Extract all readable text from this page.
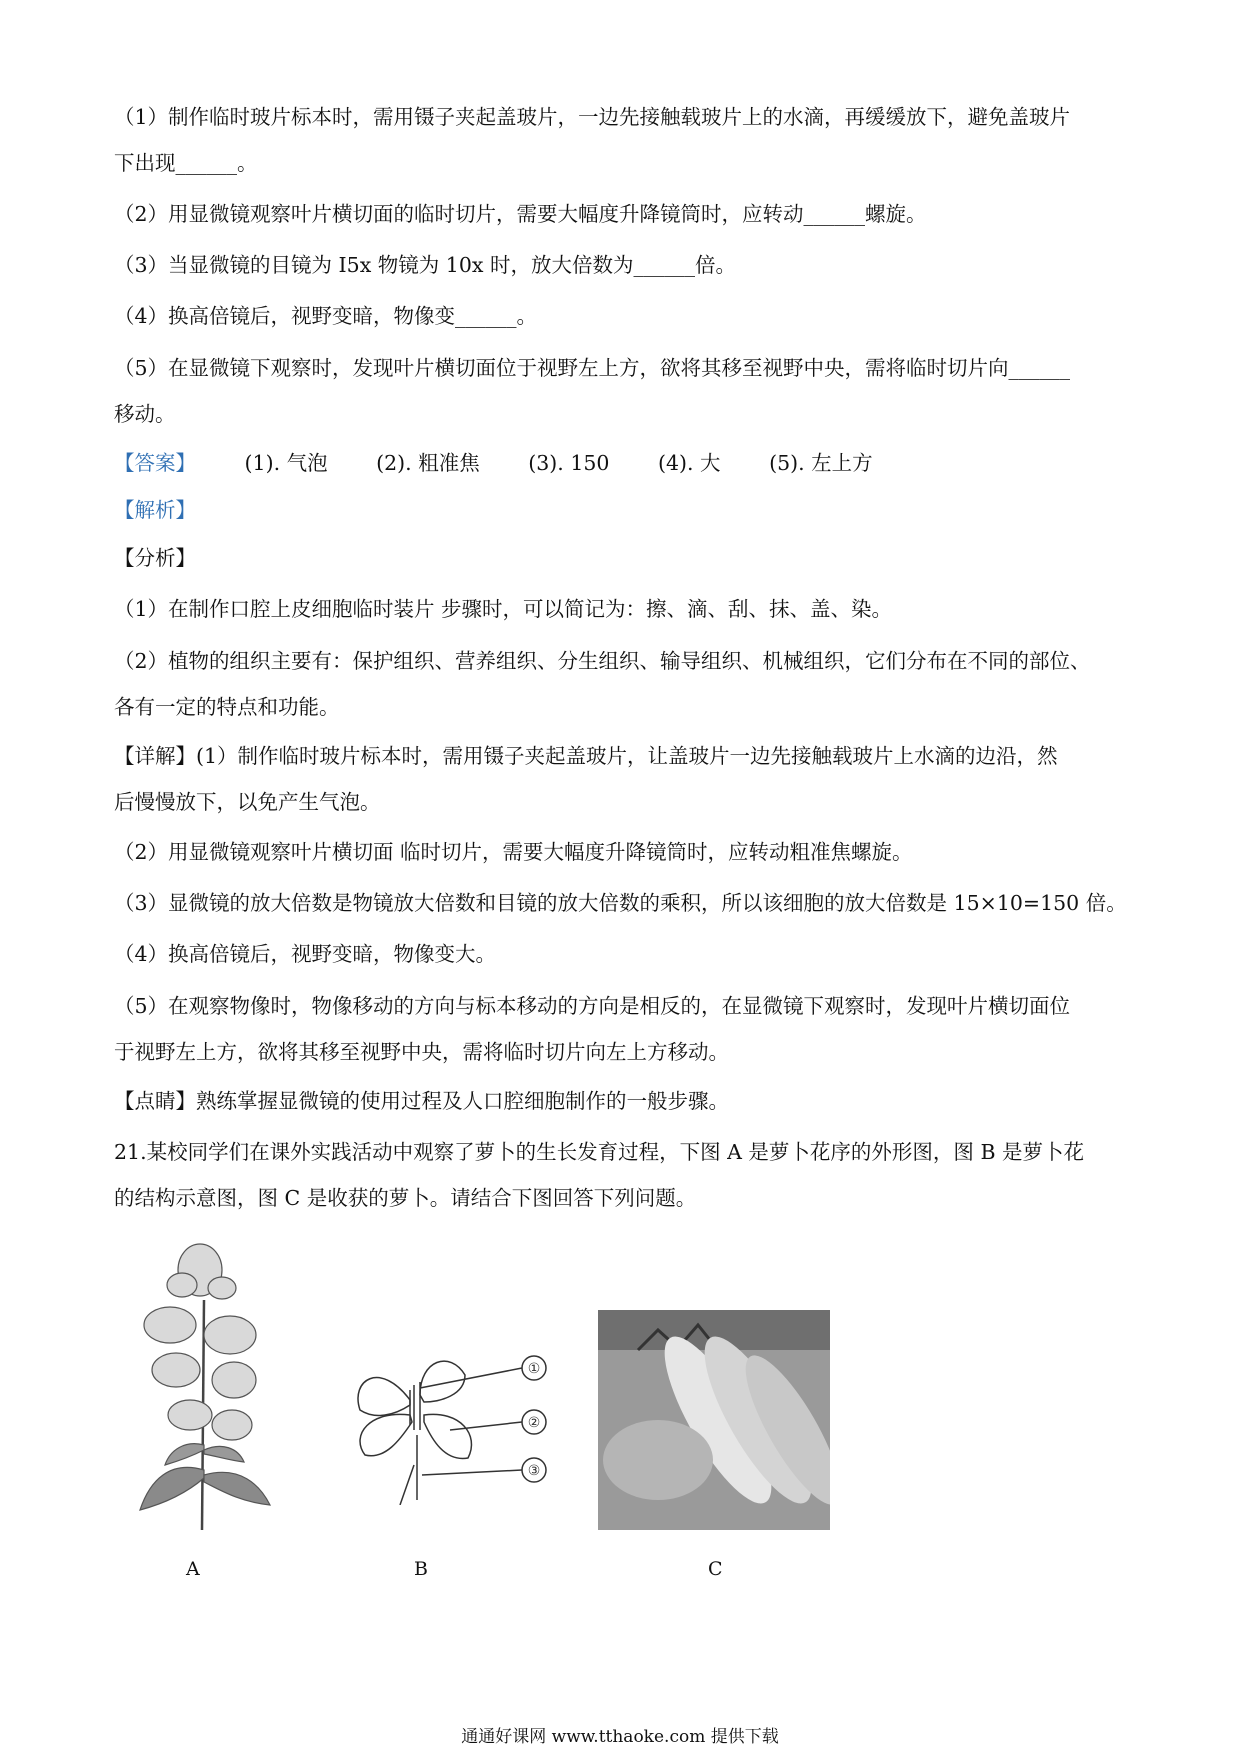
（1）制作临时玻片标本时，需用镊子夹起盖玻片，一边先接触载玻片上的水滴，再缓缓放下，避免盖玻片
下出现______。
（2）用显微镜观察叶片横切面的临时切片，需要大幅度升降镜筒时，应转动______螺旋。
（3）当显微镜的目镜为 I5x 物镜为 10x 时，放大倍数为______倍。
（4）换高倍镜后，视野变暗，物像变______。
（5）在显微镜下观察时，发现叶片横切面位于视野左上方，欲将其移至视野中央，需将临时切片向______
移动。
【答案】 (1). 气泡 (2). 粗准焦 (3). 150 (4). 大 (5). 左上方
【解析】
【分析】
（1）在制作口腔上皮细胞临时装片 步骤时，可以简记为：擦、滴、刮、抹、盖、染。
（2）植物的组织主要有：保护组织、营养组织、分生组织、输导组织、机械组织，它们分布在不同的部位、
各有一定的特点和功能。
【详解】(1）制作临时玻片标本时，需用镊子夹起盖玻片，让盖玻片一边先接触载玻片上水滴的边沿，然
后慢慢放下，以免产生气泡。
（2）用显微镜观察叶片横切面 临时切片，需要大幅度升降镜筒时，应转动粗准焦螺旋。
（3）显微镜的放大倍数是物镜放大倍数和目镜的放大倍数的乘积，所以该细胞的放大倍数是 15×10=150 倍。
（4）换高倍镜后，视野变暗，物像变大。
（5）在观察物像时，物像移动的方向与标本移动的方向是相反的，在显微镜下观察时，发现叶片横切面位
于视野左上方，欲将其移至视野中央，需将临时切片向左上方移动。
【点睛】熟练掌握显微镜的使用过程及人口腔细胞制作的一般步骤。
21.某校同学们在课外实践活动中观察了萝卜的生长发育过程，下图 A 是萝卜花序的外形图，图 B 是萝卜花
的结构示意图，图 C 是收获的萝卜。请结合下图回答下列问题。
①
②
③
A	B	C
通通好课网 www.tthaoke.com 提供下载
